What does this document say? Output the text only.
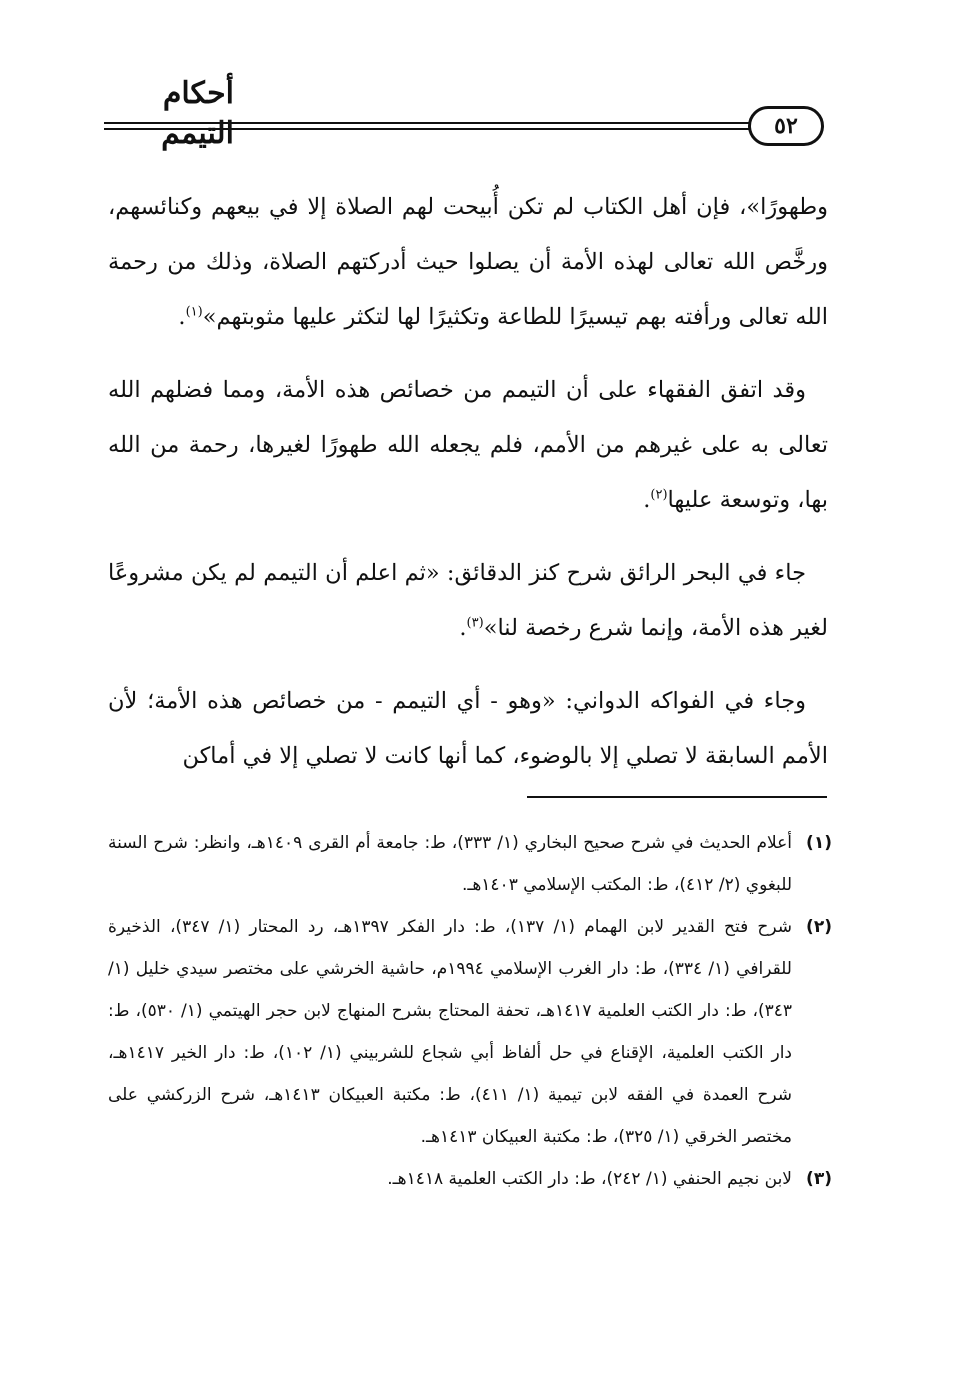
أحكام التيمم	٥٢

وطهورًا»، فإن أهل الكتاب لم تكن أُبيحت لهم الصلاة إلا في بيعهم وكنائسهم، ورخَّص الله تعالى لهذه الأمة أن يصلوا حيث أدركتهم الصلاة، وذلك من رحمة الله تعالى ورأفته بهم تيسيرًا للطاعة وتكثيرًا لها لتكثر عليها مثوبتهم»$^{(١)}$.

وقد اتفق الفقهاء على أن التيمم من خصائص هذه الأمة، ومما فضلهم الله تعالى به على غيرهم من الأمم، فلم يجعله الله طهورًا لغيرها، رحمة من الله بها، وتوسعة عليها$^{(٢)}$.

جاء في البحر الرائق شرح كنز الدقائق: «ثم اعلم أن التيمم لم يكن مشروعًا لغير هذه الأمة، وإنما شرع رخصة لنا»$^{(٣)}$.

وجاء في الفواكه الدواني: «وهو - أي التيمم - من خصائص هذه الأمة؛ لأن الأمم السابقة لا تصلي إلا بالوضوء، كما أنها كانت لا تصلي إلا في أماكن

(١)
أعلام الحديث في شرح صحيح البخاري (١/ ٣٣٣)، ط: جامعة أم القرى ١٤٠٩هـ، وانظر: شرح السنة للبغوي (٢/ ٤١٢)، ط: المكتب الإسلامي ١٤٠٣هـ.
(٢)
شرح فتح القدير لابن الهمام (١/ ١٣٧)، ط: دار الفكر ١٣٩٧هـ، رد المحتار (١/ ٣٤٧)، الذخيرة للقرافي (١/ ٣٣٤)، ط: دار الغرب الإسلامي ١٩٩٤م، حاشية الخرشي على مختصر سيدي خليل (١/ ٣٤٣)، ط: دار الكتب العلمية ١٤١٧هـ، تحفة المحتاج بشرح المنهاج لابن حجر الهيتمي (١/ ٥٣٠)، ط: دار الكتب العلمية، الإقناع في حل ألفاظ أبي شجاع للشربيني (١/ ١٠٢)، ط: دار الخير ١٤١٧هـ، شرح العمدة في الفقه لابن تيمية (١/ ٤١١)، ط: مكتبة العبيكان ١٤١٣هـ، شرح الزركشي على مختصر الخرقي (١/ ٣٢٥)، ط: مكتبة العبيكان ١٤١٣هـ.
(٣)
لابن نجيم الحنفي (١/ ٢٤٢)، ط: دار الكتب العلمية ١٤١٨هـ.
